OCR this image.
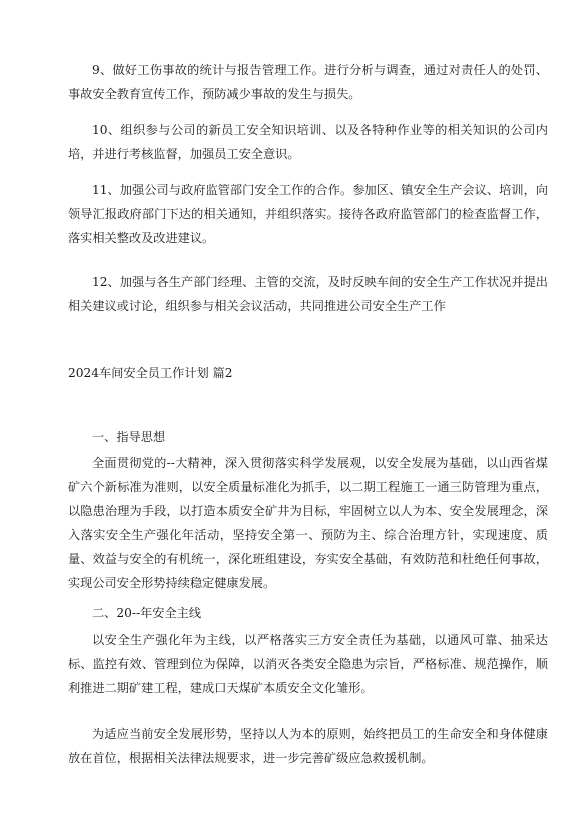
9、做好工伤事故的统计与报告管理工作。进行分析与调查，通过对责任人的处罚、事故安全教育宣传工作，预防减少事故的发生与损失。

10、组织参与公司的新员工安全知识培训、以及各特种作业等的相关知识的公司内培，并进行考核监督，加强员工安全意识。

11、加强公司与政府监管部门安全工作的合作。参加区、镇安全生产会议、培训，向领导汇报政府部门下达的相关通知，并组织落实。接待各政府监管部门的检查监督工作，落实相关整改及改进建议。

12、加强与各生产部门经理、主管的交流，及时反映车间的安全生产工作状况并提出相关建议或讨论，组织参与相关会议活动，共同推进公司安全生产工作

2024车间安全员工作计划 篇2

一、指导思想

全面贯彻党的--大精神，深入贯彻落实科学发展观，以安全发展为基础，以山西省煤矿六个新标准为准则，以安全质量标准化为抓手，以二期工程施工一通三防管理为重点，以隐患治理为手段，以打造本质安全矿井为目标，牢固树立以人为本、安全发展理念，深入落实安全生产强化年活动，坚持安全第一、预防为主、综合治理方针，实现速度、质量、效益与安全的有机统一，深化班组建设，夯实安全基础，有效防范和杜绝任何事故，实现公司安全形势持续稳定健康发展。

二、20--年安全主线

以安全生产强化年为主线，以严格落实三方安全责任为基础，以通风可靠、抽采达标、监控有效、管理到位为保障，以消灭各类安全隐患为宗旨，严格标准、规范操作，顺利推进二期矿建工程，建成口天煤矿本质安全文化雏形。

为适应当前安全发展形势，坚持以人为本的原则，始终把员工的生命安全和身体健康放在首位，根据相关法律法规要求，进一步完善矿级应急救援机制。
